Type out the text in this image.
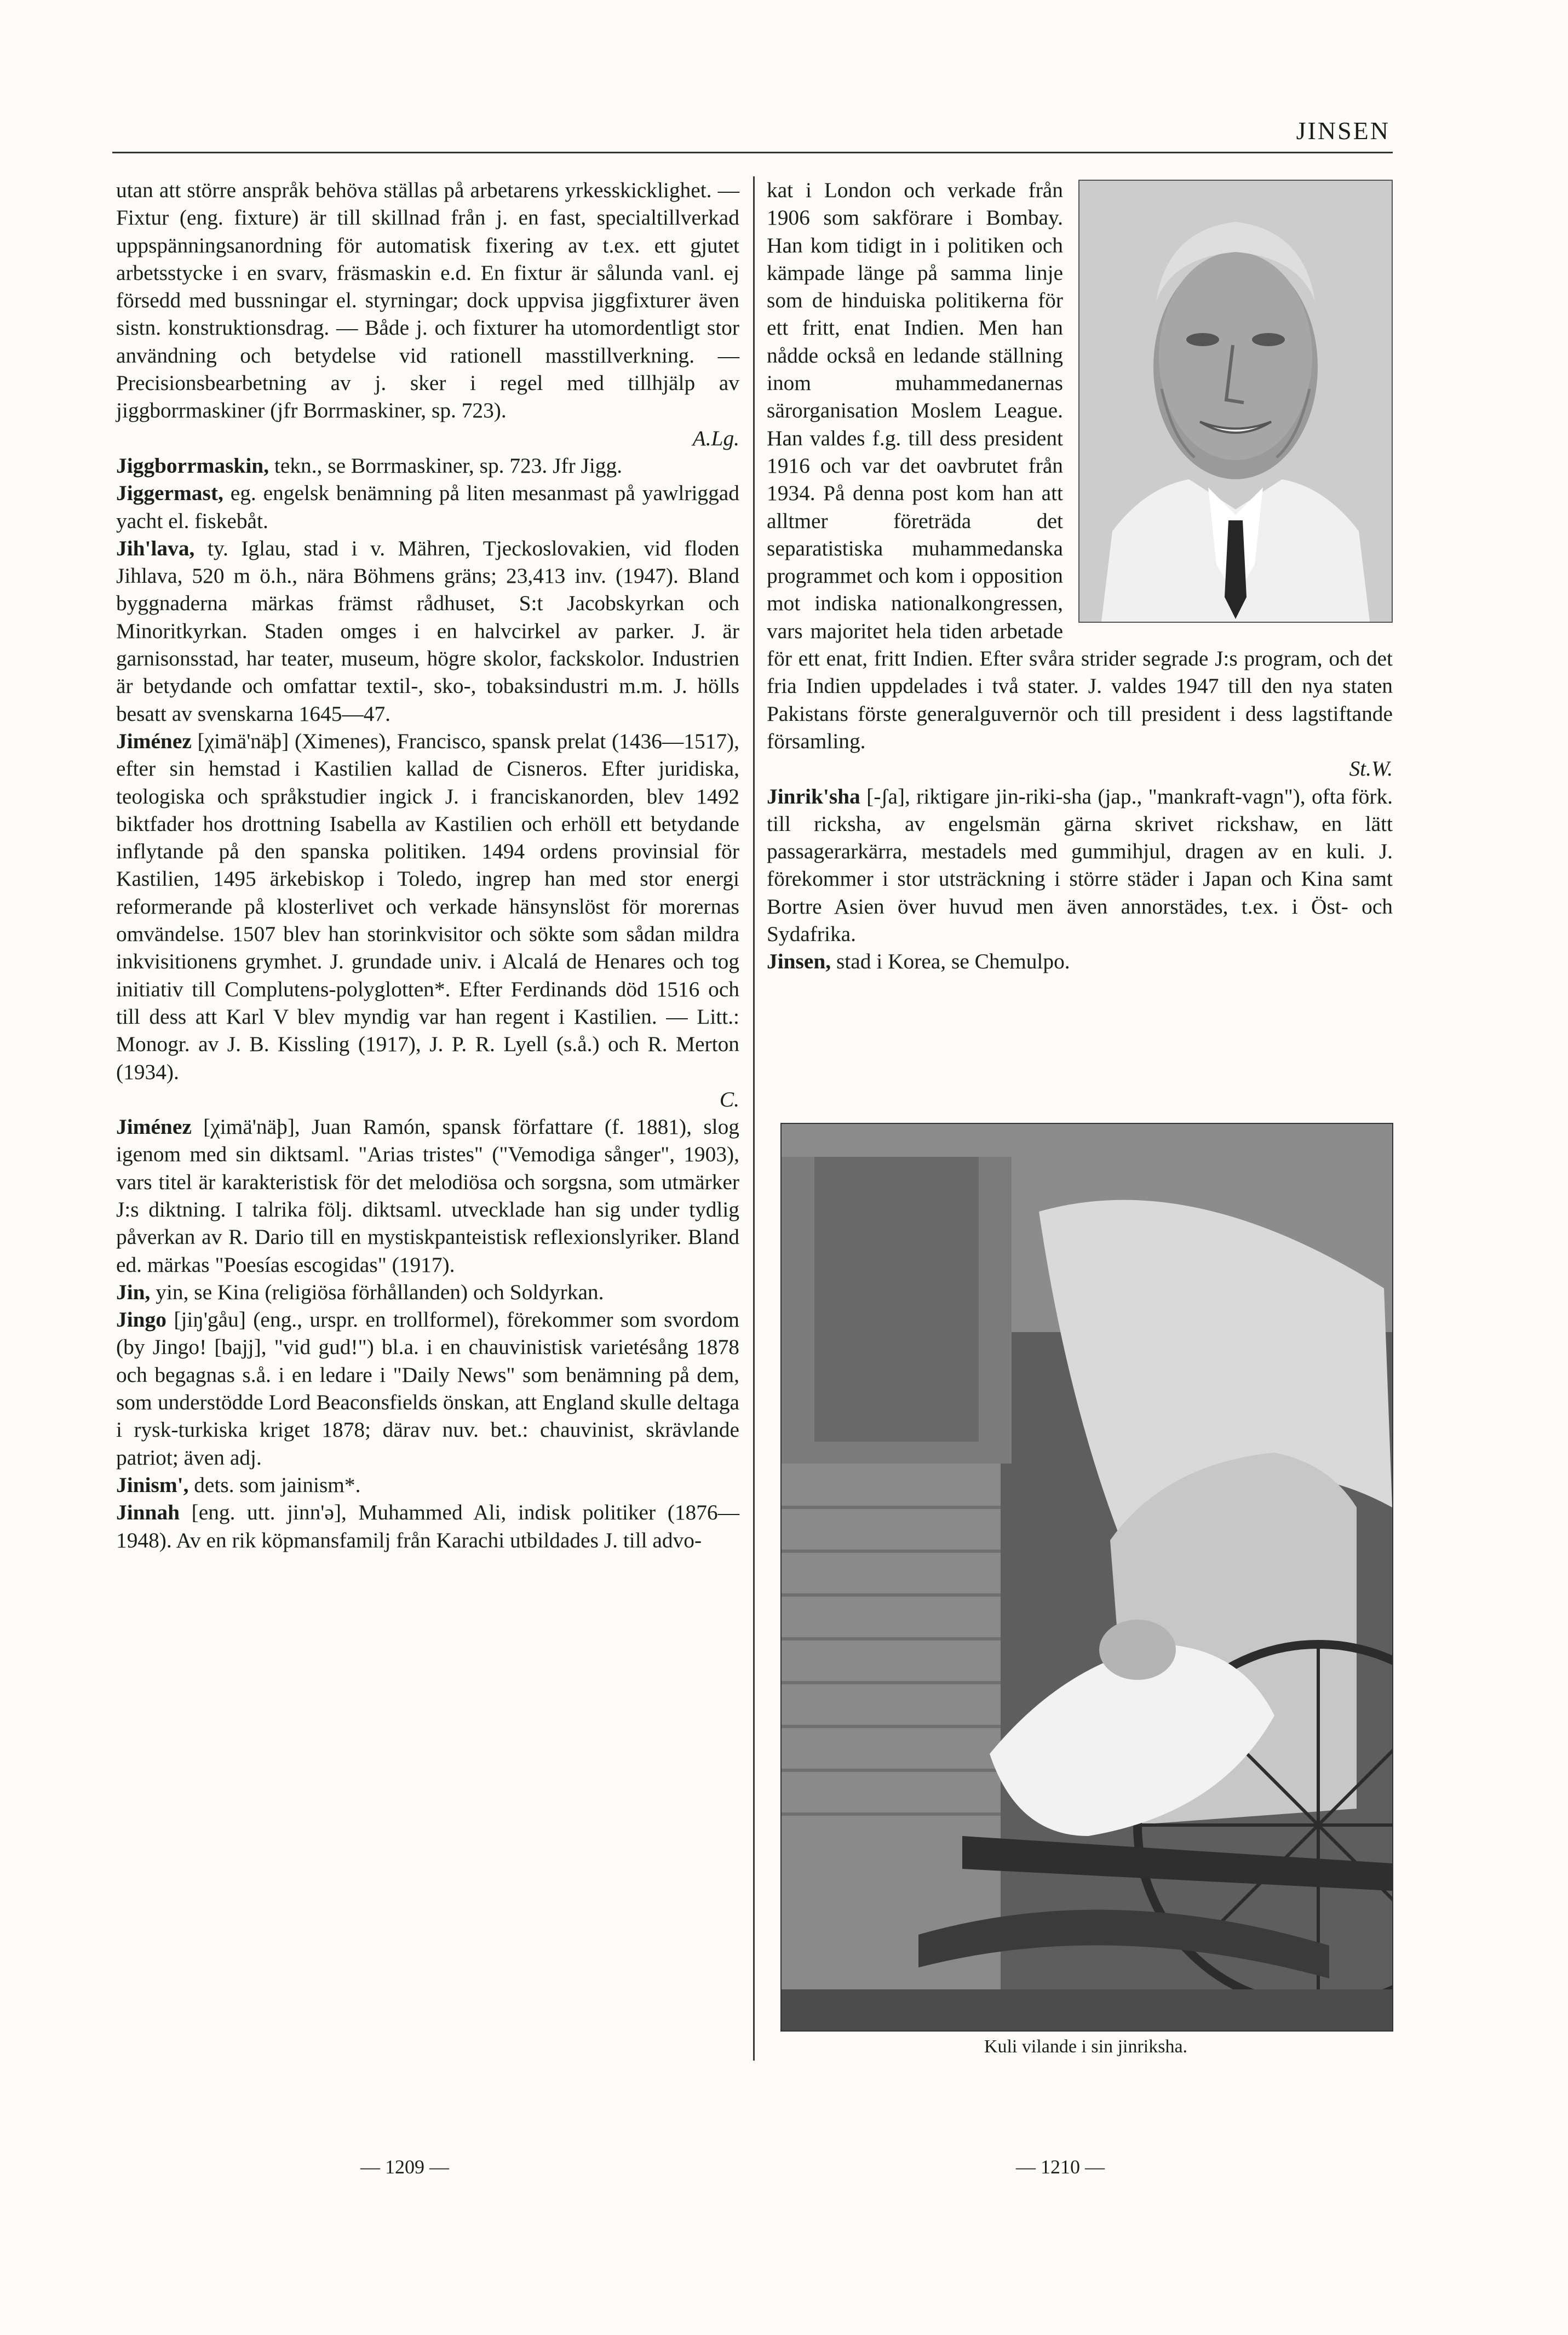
JINSEN

utan att större anspråk behöva ställas på arbetarens yrkesskicklighet. — Fixtur (eng. fixture) är till skillnad från j. en fast, specialtillverkad uppspänningsanordning för automatisk fixering av t.ex. ett gjutet arbetsstycke i en svarv, fräsmaskin e.d. En fixtur är sålunda vanl. ej försedd med bussningar el. styrningar; dock uppvisa jiggfixturer även sistn. konstruktionsdrag. — Både j. och fixturer ha utomordentligt stor användning och betydelse vid rationell masstillverkning. — Precisionsbearbetning av j. sker i regel med tillhjälp av jiggborrmaskiner (jfr Borrmaskiner, sp. 723).
A.Lg.

Jiggborrmaskin, tekn., se Borrmaskiner, sp. 723. Jfr Jigg.

Jiggermast, eg. engelsk benämning på liten mesanmast på yawlriggad yacht el. fiskebåt.

Jih'lava, ty. Iglau, stad i v. Mähren, Tjeckoslovakien, vid floden Jihlava, 520 m ö.h., nära Böhmens gräns; 23,413 inv. (1947). Bland byggnaderna märkas främst rådhuset, S:t Jacobskyrkan och Minoritkyrkan. Staden omges i en halvcirkel av parker. J. är garnisonsstad, har teater, museum, högre skolor, fackskolor. Industrien är betydande och omfattar textil-, sko-, tobaksindustri m.m. J. hölls besatt av svenskarna 1645—47.

Jiménez [χimä'näþ] (Ximenes), Francisco, spansk prelat (1436—1517), efter sin hemstad i Kastilien kallad de Cisneros. Efter juridiska, teologiska och språkstudier ingick J. i franciskanorden, blev 1492 biktfader hos drottning Isabella av Kastilien och erhöll ett betydande inflytande på den spanska politiken. 1494 ordens provinsial för Kastilien, 1495 ärkebiskop i Toledo, ingrep han med stor energi reformerande på klosterlivet och verkade hänsynslöst för morernas omvändelse. 1507 blev han storinkvisitor och sökte som sådan mildra inkvisitionens grymhet. J. grundade univ. i Alcalá de Henares och tog initiativ till Complutens-polyglotten*. Efter Ferdinands död 1516 och till dess att Karl V blev myndig var han regent i Kastilien. — Litt.: Monogr. av J. B. Kissling (1917), J. P. R. Lyell (s.å.) och R. Merton (1934).
C.

Jiménez [χimä'näþ], Juan Ramón, spansk författare (f. 1881), slog igenom med sin diktsaml. "Arias tristes" ("Vemodiga sånger", 1903), vars titel är karakteristisk för det melodiösa och sorgsna, som utmärker J:s diktning. I talrika följ. diktsaml. utvecklade han sig under tydlig påverkan av R. Dario till en mystiskpanteistisk reflexionslyriker. Bland ed. märkas "Poesías escogidas" (1917).

Jin, yin, se Kina (religiösa förhållanden) och Soldyrkan.

Jingo [jiŋ'gåu] (eng., urspr. en trollformel), förekommer som svordom (by Jingo! [bajj], "vid gud!") bl.a. i en chauvinistisk varietésång 1878 och begagnas s.å. i en ledare i "Daily News" som benämning på dem, som understödde Lord Beaconsfields önskan, att England skulle deltaga i rysk-turkiska kriget 1878; därav nuv. bet.: chauvinist, skrävlande patriot; även adj.

Jinism', dets. som jainism*.

Jinnah [eng. utt. jinn'ə], Muhammed Ali, indisk politiker (1876—1948). Av en rik köpmansfamilj från Karachi utbildades J. till advo-

kat i London och verkade från 1906 som sakförare i Bombay. Han kom tidigt in i politiken och kämpade länge på samma linje som de hinduiska politikerna för ett fritt, enat Indien. Men han nådde också en ledande ställning inom muhammedanernas särorganisation Moslem League. Han valdes f.g. till dess president 1916 och var det oavbrutet från 1934. På denna post kom han att alltmer företräda det separatistiska muhammedanska programmet och kom i opposition mot indiska nationalkongressen, vars majoritet hela tiden arbetade för ett enat, fritt Indien. Efter svåra strider segrade J:s program, och det fria Indien uppdelades i två stater. J. valdes 1947 till den nya staten Pakistans förste generalguvernör och till president i dess lagstiftande församling.
St.W.

Jinrik'sha [-ʃa], riktigare jin-riki-sha (jap., "mankraft-vagn"), ofta förk. till ricksha, av engelsmän gärna skrivet rickshaw, en lätt passagerarkärra, mestadels med gummihjul, dragen av en kuli. J. förekommer i stor utsträckning i större städer i Japan och Kina samt Bortre Asien över huvud men även annorstädes, t.ex. i Öst- och Sydafrika.

Jinsen, stad i Korea, se Chemulpo.

Kuli vilande i sin jinriksha.
— 1209 —	— 1210 —
